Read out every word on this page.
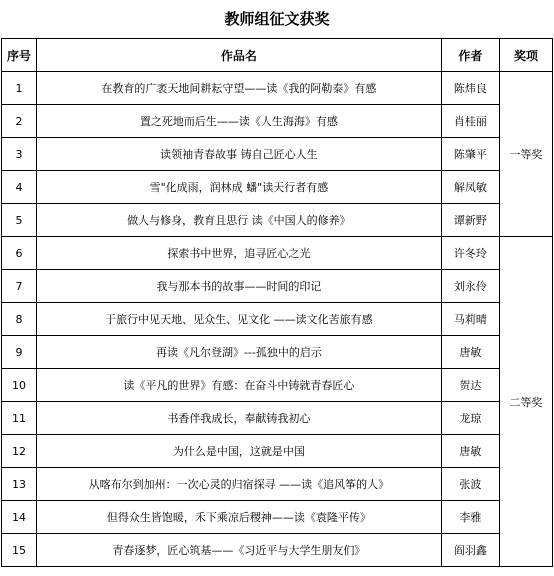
教师组征文获奖
序号	作品名	作者	奖项
1	在教育的广袤天地间耕耘守望——读《我的阿勒泰》有感	陈炜良	一等奖
2	置之死地而后生——读《人生海海》有感	肖桂丽	
3	读领袖青春故事 铸自己匠心人生	陈肇平	
4	雪"化成雨，润林成 蟠"读天行者有感	解凤敏	
5	做人与修身，教育且思行 读《中国人的修养》	谭新野	
6	探索书中世界，追寻匠心之光	许冬玲	二等奖
7	我与那本书的故事——时间的印记	刘永伶	
8	于旅行中见天地、见众生、见文化 ——读文化苦旅有感	马莉晴	
9	再读《凡尔登湖》---孤独中的启示	唐敏	
10	读《平凡的世界》有感：在奋斗中铸就青春匠心	贺达	
11	书香伴我成长，奉献铸我初心	龙琼	
12	为什么是中国，这就是中国	唐敏	
13	从喀布尔到加州：一次心灵的归宿探寻 ——读《追风筝的人》	张波	
14	但得众生皆饱暖，禾下乘凉后稷神——读《袁隆平传》	李雅	
15	青春逐梦，匠心筑基——《习近平与大学生朋友们》	阎羽鑫	
